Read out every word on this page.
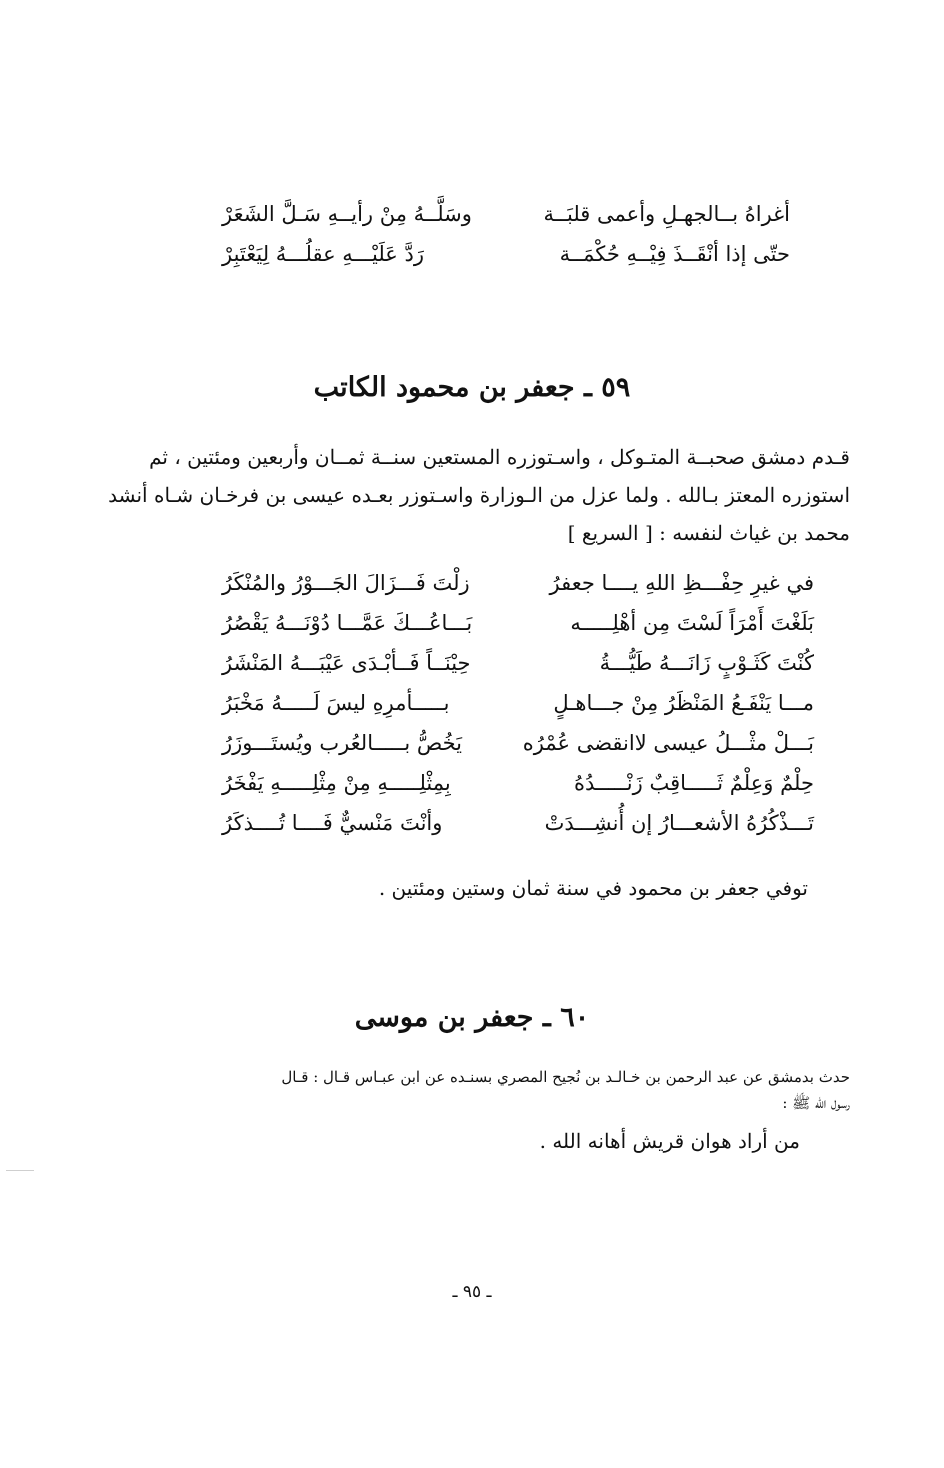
أغراهُ بــالجهـلِ وأعمى قلبَــة
وسَلَّــهُ مِنْ رأيــهِ سَـلَّ الشَعَرْ
حتّى إذا أنْقَــذَ فِيْــهِ حُكْمَــة
رَدَّ عَلَيْـــهِ عقلُـــهُ لِيَعْتَبِرْ
٥٩ ـ جعفر بن محمود الكاتب
قـدم دمشق صحبــة المتـوكل ، واسـتوزره المستعين سنــة ثمــان وأربعين ومئتين ، ثم
استوزره المعتز بـالله . ولما عزل من الـوزارة واسـتوزر بعـده عيسى بن فرخـان شـاه أنشد
محمد بن غياث لنفسه : [ السريع ]
في غيرِ حِفْـــظِ اللهِ يــــا جعفرُ
زلْتَ فَـــزَالَ الجَـــوْرُ والمُنْكَرُ
بَلَغْتَ أَمْرَاً لَسْتَ مِن أهْلِـــــه
بَـــاعُـــكَ عَمَّـــا دُوْنَـــهُ يَقْصُرُ
كُنْتَ كَثَـوْبٍ زَانَـــهُ طَيُّـــةُ
حِيْنَــاً فَــأبْـدَى عَيْبَـــهُ المَنْشَرُ
مـــا يَنْفَـعُ المَنْظَرُ مِنْ جـــاهـلٍ
بـــــأمرِهِ ليسَ لَـــــهُ مَخْبَرُ
بَـــلْ مثْـــلُ عيسى لاانقضى عُمْرُه
يَخُصُّ بـــــالعُرب ويُستَـــوزَرُ
حِلْمٌ وَعِلْمٌ ثَـــــاقِبٌ زَنْـــــدُهُ
بِمِثْلِـــــهِ مِنْ مِثْلِـــــهِ يَفْخَرُ
تَـــذْكُرُهُ الأشعـــارُ إن أُنشِـــدَتْ
وأنْتَ مَنْسيٌّ فَــــا تُــــذكَرُ
توفي جعفر بن محمود في سنة ثمان وستين ومئتين .
٦٠ ـ جعفر بن موسى
حدث بدمشق عن عبد الرحمن بن خـالـد بن نُجيح المصري بسنـده عن ابن عبـاس قـال : قـال
رسول الله ﷺ :
من أراد هوان قريش أهانه الله .
ـ ٩٥ ـ
